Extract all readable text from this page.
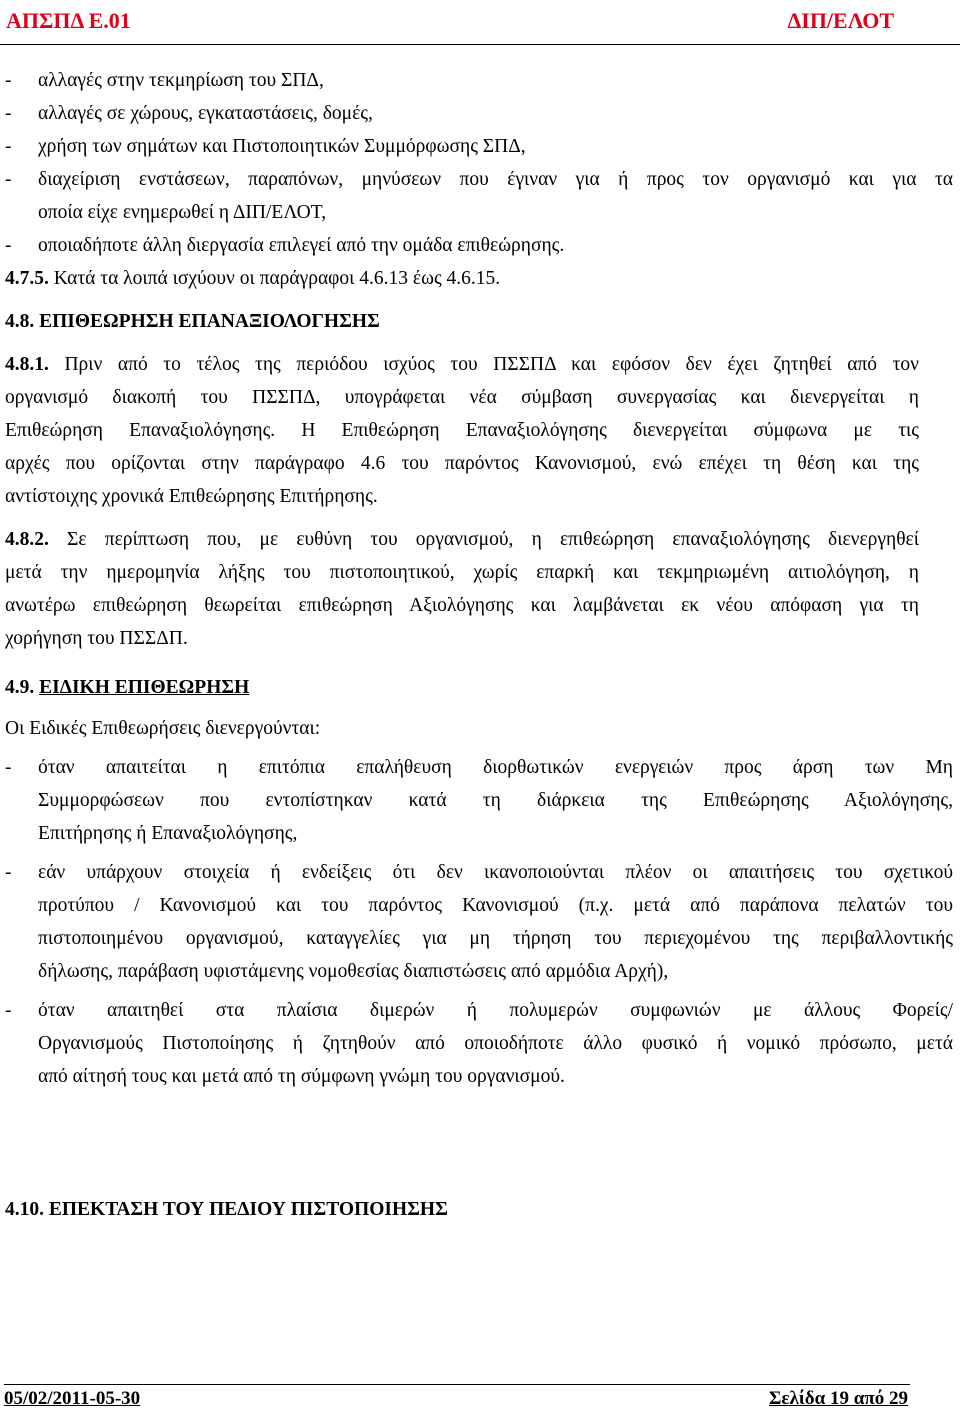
ΑΠΣΠΔ Ε.01	ΔΙΠ/ΕΛΟΤ
- αλλαγές στην τεκμηρίωση του ΣΠΔ,
- αλλαγές σε χώρους, εγκαταστάσεις, δομές,
- χρήση των σημάτων και Πιστοποιητικών Συμμόρφωσης ΣΠΔ,
- διαχείριση ενστάσεων, παραπόνων, μηνύσεων που έγιναν για ή προς τον οργανισμό και για τα
οποία είχε ενημερωθεί η ΔΙΠ/ΕΛΟΤ,
- οποιαδήποτε άλλη διεργασία επιλεγεί από την ομάδα επιθεώρησης.
4.7.5. Κατά τα λοιπά ισχύουν οι παράγραφοι 4.6.13 έως 4.6.15.
4.8. ΕΠΙΘΕΩΡΗΣΗ ΕΠΑΝΑΞΙΟΛΟΓΗΣΗΣ
4.8.1. Πριν από το τέλος της περιόδου ισχύος του ΠΣΣΠΔ και εφόσον δεν έχει ζητηθεί από τον
οργανισμό διακοπή του ΠΣΣΠΔ, υπογράφεται νέα σύμβαση συνεργασίας και διενεργείται η
Επιθεώρηση Επαναξιολόγησης. Η Επιθεώρηση Επαναξιολόγησης διενεργείται σύμφωνα με τις
αρχές που ορίζονται στην παράγραφο 4.6 του παρόντος Κανονισμού, ενώ επέχει τη θέση και της
αντίστοιχης χρονικά Επιθεώρησης Επιτήρησης.
4.8.2. Σε περίπτωση που, με ευθύνη του οργανισμού, η επιθεώρηση επαναξιολόγησης διενεργηθεί
μετά την ημερομηνία λήξης του πιστοποιητικού, χωρίς επαρκή και τεκμηριωμένη αιτιολόγηση, η
ανωτέρω επιθεώρηση θεωρείται επιθεώρηση Αξιολόγησης και λαμβάνεται εκ νέου απόφαση για τη
χορήγηση του ΠΣΣΔΠ.
4.9. ΕΙΔΙΚΗ ΕΠΙΘΕΩΡΗΣΗ
Οι Ειδικές Επιθεωρήσεις διενεργούνται:
- όταν απαιτείται η επιτόπια επαλήθευση διορθωτικών ενεργειών προς άρση των Μη
Συμμορφώσεων που εντοπίστηκαν κατά τη διάρκεια της Επιθεώρησης Αξιολόγησης,
Επιτήρησης ή Επαναξιολόγησης,
- εάν υπάρχουν στοιχεία ή ενδείξεις ότι δεν ικανοποιούνται πλέον οι απαιτήσεις του σχετικού
προτύπου / Κανονισμού και του παρόντος Κανονισμού (π.χ. μετά από παράπονα πελατών του
πιστοποιημένου οργανισμού, καταγγελίες για μη τήρηση του περιεχομένου της περιβαλλοντικής
δήλωσης, παράβαση υφιστάμενης νομοθεσίας διαπιστώσεις από αρμόδια Αρχή),
- όταν απαιτηθεί στα πλαίσια διμερών ή πολυμερών συμφωνιών με άλλους Φορείς/
Οργανισμούς Πιστοποίησης ή ζητηθούν από οποιοδήποτε άλλο φυσικό ή νομικό πρόσωπο, μετά
από αίτησή τους και μετά από τη σύμφωνη γνώμη του οργανισμού.
4.10. ΕΠΕΚΤΑΣΗ ΤΟΥ ΠΕΔΙΟΥ ΠΙΣΤΟΠΟΙΗΣΗΣ
05/02/2011-05-30	Σελίδα 19 από 29
